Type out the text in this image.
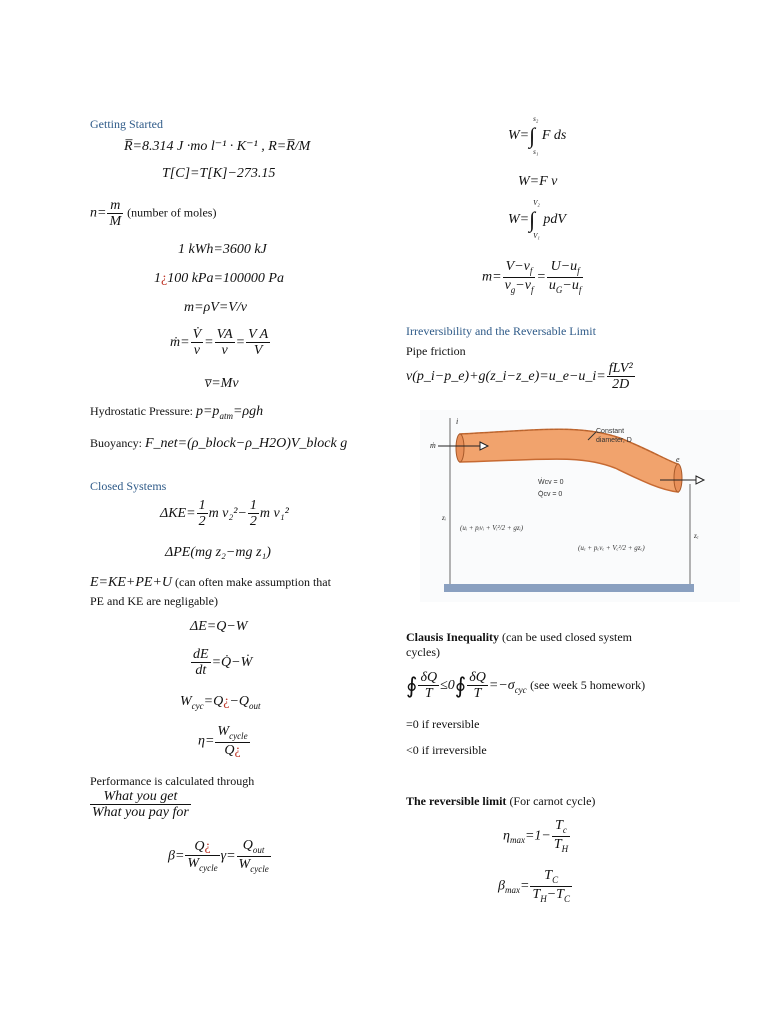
Getting Started
R̅=8.314 J ·mo l⁻¹ · K⁻¹ , R=R̅/M
T[C]=T[K]−273.15
$n= \frac{m}{M}$ (number of moles)
1 kWh=3600 kJ
1¿100 kPa=100000 Pa
m=ρV=V/v
ṁ= $\frac{V̇}{v} = \frac{VA}{v} = \frac{\text{V A}}{V}$
v̅=Mv
Hydrostatic Pressure: $p=p_{atm}=\rho gh$
Buoyancy: F_net=(ρ_block−ρ_H2O)V_block g
Closed Systems
$\Delta KE= \frac{1}{2}$ m $v_2^2- \frac{1}{2}$ m v₁²
ΔPE(mg z₂−mg z₁)
E=KE+PE+U (can often make assumption that
PE and KE are negligable)
ΔE=Q−W
$\frac{dE}{dt}$ =Q̇−Ẇ
$W_{cyc}=Q¿-Q_{out}$
$\eta= \frac{W_{cycle}}{Q¿}$
Performance is calculated through
$\frac{\text{What you get}}{\text{What you pay for}}$
$\beta= \frac{Q¿}{W_{cycle}} \gamma= \frac{Q_{out}}{W_{cycle}}$
W=∫s₂
s₁ F ds
W=F v
W=∫V₂
V₁ pdV
$m= \frac{V-v_f}{v_g-v_f} = \frac{U-u_f}{u_G-u_f}$
Irreversibility and the Reversable Limit
Pipe friction
v(p_i−p_e)+g(z_i−z_e)=u_e−u_i= $\frac{\text{fLV²}}{2D}$
Constant
diameter, D
i
e
ṁ
Ẇcv = 0
Q̇cv = 0
zᵢ
zₑ
(uᵢ + pᵢvᵢ + Vᵢ²/2 + gzᵢ)
(uₑ + pₑvₑ + Vₑ²/2 + gzₑ)
Clausis Inequality (can be used closed system
cycles)
∮ $\frac{\delta Q}{T}$ ≤0∮ $\frac{\delta Q}{T} =-\sigma_{cyc}$ (see week 5 homework)
=0 if reversible
<0 if irreversible
The reversible limit (For carnot cycle)
$\eta_{max}=1- \frac{T_c}{T_H}$
$\beta_{max}= \frac{T_C}{T_H-T_C}$
